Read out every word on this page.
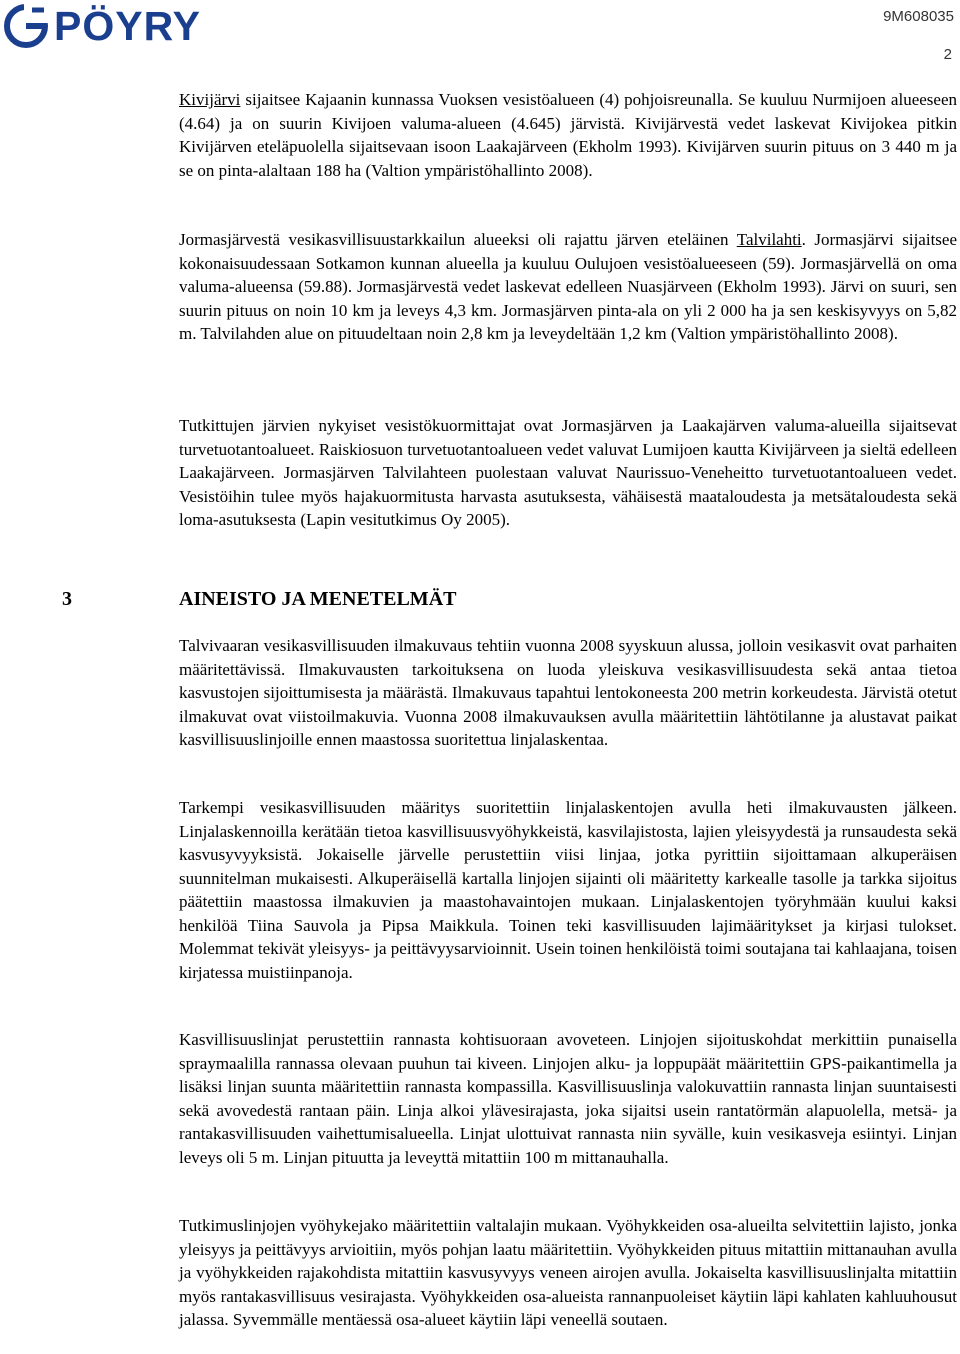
PÖYRY	9M608035
2

Kivijärvi sijaitsee Kajaanin kunnassa Vuoksen vesistöalueen (4) pohjoisreunalla. Se kuuluu Nurmijoen alueeseen (4.64) ja on suurin Kivijoen valuma-alueen (4.645) järvistä. Kivijärvestä vedet laskevat Kivijokea pitkin Kivijärven eteläpuolella sijaitsevaan isoon Laakajärveen (Ekholm 1993). Kivijärven suurin pituus on 3 440 m ja se on pinta-alaltaan 188 ha (Valtion ympäristöhallinto 2008).

Jormasjärvestä vesikasvillisuustarkkailun alueeksi oli rajattu järven eteläinen Talvilahti. Jormasjärvi sijaitsee kokonaisuudessaan Sotkamon kunnan alueella ja kuuluu Oulujoen vesistöalueeseen (59). Jormasjärvellä on oma valuma-alueensa (59.88). Jormasjärvestä vedet laskevat edelleen Nuasjärveen (Ekholm 1993). Järvi on suuri, sen suurin pituus on noin 10 km ja leveys 4,3 km. Jormasjärven pinta-ala on yli 2 000 ha ja sen keskisyvyys on 5,82 m. Talvilahden alue on pituudeltaan noin 2,8 km ja leveydeltään 1,2 km (Valtion ympäristöhallinto 2008).

Tutkittujen järvien nykyiset vesistökuormittajat ovat Jormasjärven ja Laakajärven valuma-alueilla sijaitsevat turvetuotantoalueet. Raiskiosuon turvetuotantoalueen vedet valuvat Lumijoen kautta Kivijärveen ja sieltä edelleen Laakajärveen. Jormasjärven Talvilahteen puolestaan valuvat Naurissuo-Veneheitto turvetuotantoalueen vedet. Vesistöihin tulee myös hajakuormitusta harvasta asutuksesta, vähäisestä maataloudesta ja metsätaloudesta sekä loma-asutuksesta (Lapin vesitutkimus Oy 2005).

3	AINEISTO JA MENETELMÄT

Talvivaaran vesikasvillisuuden ilmakuvaus tehtiin vuonna 2008 syyskuun alussa, jolloin vesikasvit ovat parhaiten määritettävissä. Ilmakuvausten tarkoituksena on luoda yleiskuva vesikasvillisuudesta sekä antaa tietoa kasvustojen sijoittumisesta ja määrästä. Ilmakuvaus tapahtui lentokoneesta 200 metrin korkeudesta. Järvistä otetut ilmakuvat ovat viistoilmakuvia. Vuonna 2008 ilmakuvauksen avulla määritettiin lähtötilanne ja alustavat paikat kasvillisuuslinjoille ennen maastossa suoritettua linjalaskentaa.

Tarkempi vesikasvillisuuden määritys suoritettiin linjalaskentojen avulla heti ilmakuvausten jälkeen. Linjalaskennoilla kerätään tietoa kasvillisuusvyöhykkeistä, kasvilajistosta, lajien yleisyydestä ja runsaudesta sekä kasvusyvyyksistä. Jokaiselle järvelle perustettiin viisi linjaa, jotka pyrittiin sijoittamaan alkuperäisen suunnitelman mukaisesti. Alkuperäisellä kartalla linjojen sijainti oli määritetty karkealle tasolle ja tarkka sijoitus päätettiin maastossa ilmakuvien ja maastohavaintojen mukaan. Linjalaskentojen työryhmään kuului kaksi henkilöä Tiina Sauvola ja Pipsa Maikkula. Toinen teki kasvillisuuden lajimääritykset ja kirjasi tulokset. Molemmat tekivät yleisyys- ja peittävyysarvioinnit. Usein toinen henkilöistä toimi soutajana tai kahlaajana, toisen kirjatessa muistiinpanoja.

Kasvillisuuslinjat perustettiin rannasta kohtisuoraan avoveteen. Linjojen sijoituskohdat merkittiin punaisella spraymaalilla rannassa olevaan puuhun tai kiveen. Linjojen alku- ja loppupäät määritettiin GPS-paikantimella ja lisäksi linjan suunta määritettiin rannasta kompassilla. Kasvillisuuslinja valokuvattiin rannasta linjan suuntaisesti sekä avovedestä rantaan päin. Linja alkoi ylävesirajasta, joka sijaitsi usein rantatörmän alapuolella, metsä- ja rantakasvillisuuden vaihettumisalueella. Linjat ulottuivat rannasta niin syvälle, kuin vesikasveja esiintyi. Linjan leveys oli 5 m. Linjan pituutta ja leveyttä mitattiin 100 m mittanauhalla.

Tutkimuslinjojen vyöhykejako määritettiin valtalajin mukaan. Vyöhykkeiden osa-alueilta selvitettiin lajisto, jonka yleisyys ja peittävyys arvioitiin, myös pohjan laatu määritettiin. Vyöhykkeiden pituus mitattiin mittanauhan avulla ja vyöhykkeiden rajakohdista mitattiin kasvusyvyys veneen airojen avulla. Jokaiselta kasvillisuuslinjalta mitattiin myös rantakasvillisuus vesirajasta. Vyöhykkeiden osa-alueista rannanpuoleiset käytiin läpi kahlaten kahluuhousut jalassa. Syvemmälle mentäessä osa-alueet käytiin läpi veneellä soutaen.
